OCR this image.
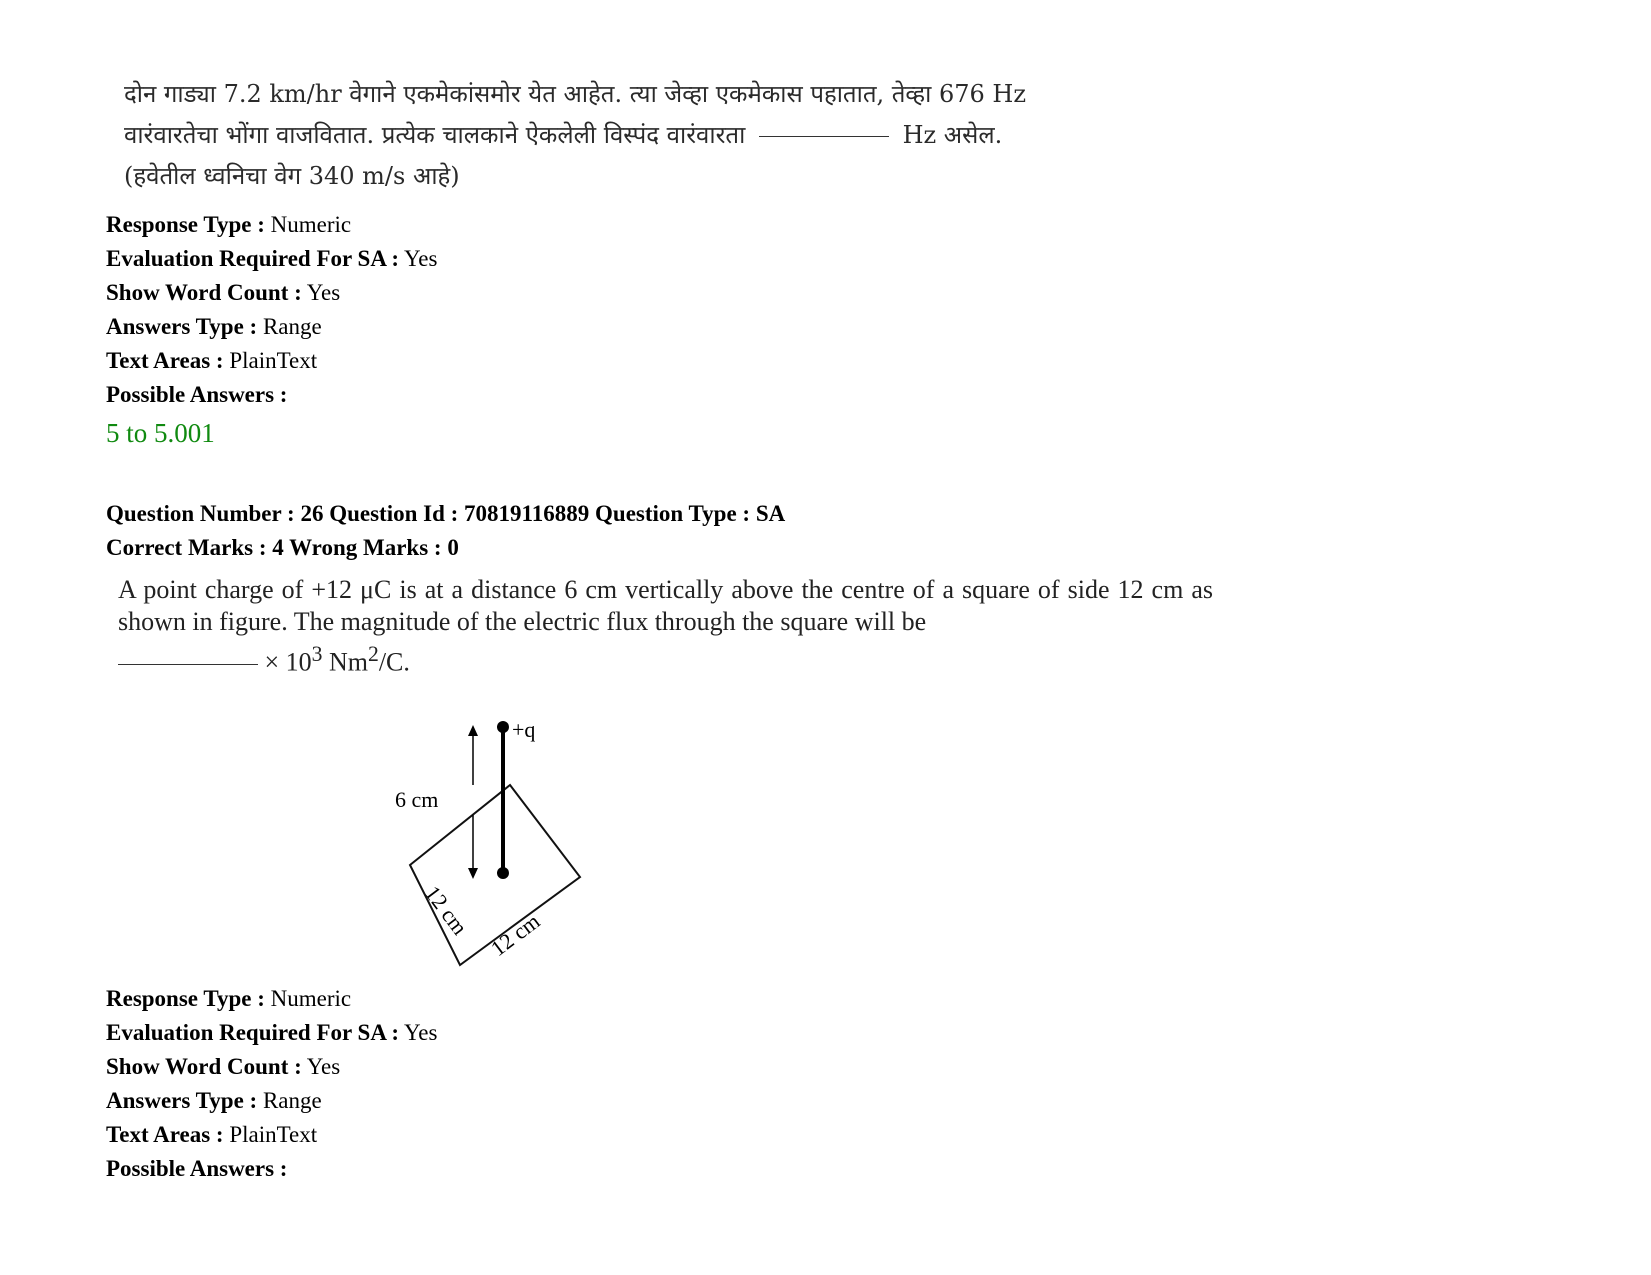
दोन गाड्या 7.2 km/hr वेगाने एकमेकांसमोर येत आहेत. त्या जेव्हा एकमेकास पहातात, तेव्हा 676 Hz
वारंवारतेचा भोंगा वाजवितात. प्रत्येक चालकाने ऐकलेली विस्पंद वारंवारता	Hz असेल.
(हवेतील ध्वनिचा वेग 340 m/s आहे)
Response Type : Numeric
Evaluation Required For SA : Yes
Show Word Count : Yes
Answers Type : Range
Text Areas : PlainText
Possible Answers :
5 to 5.001
Question Number : 26 Question Id : 70819116889 Question Type : SA
Correct Marks : 4 Wrong Marks : 0
A point charge of +12 μC is at a distance 6 cm vertically above the centre of a square of side 12 cm as shown in figure. The magnitude of the electric flux through the square will be
× $10^3$ $Nm^2/C$.
+q
6 cm
12 cm 12 cm
Response Type : Numeric
Evaluation Required For SA : Yes
Show Word Count : Yes
Answers Type : Range
Text Areas : PlainText
Possible Answers :
